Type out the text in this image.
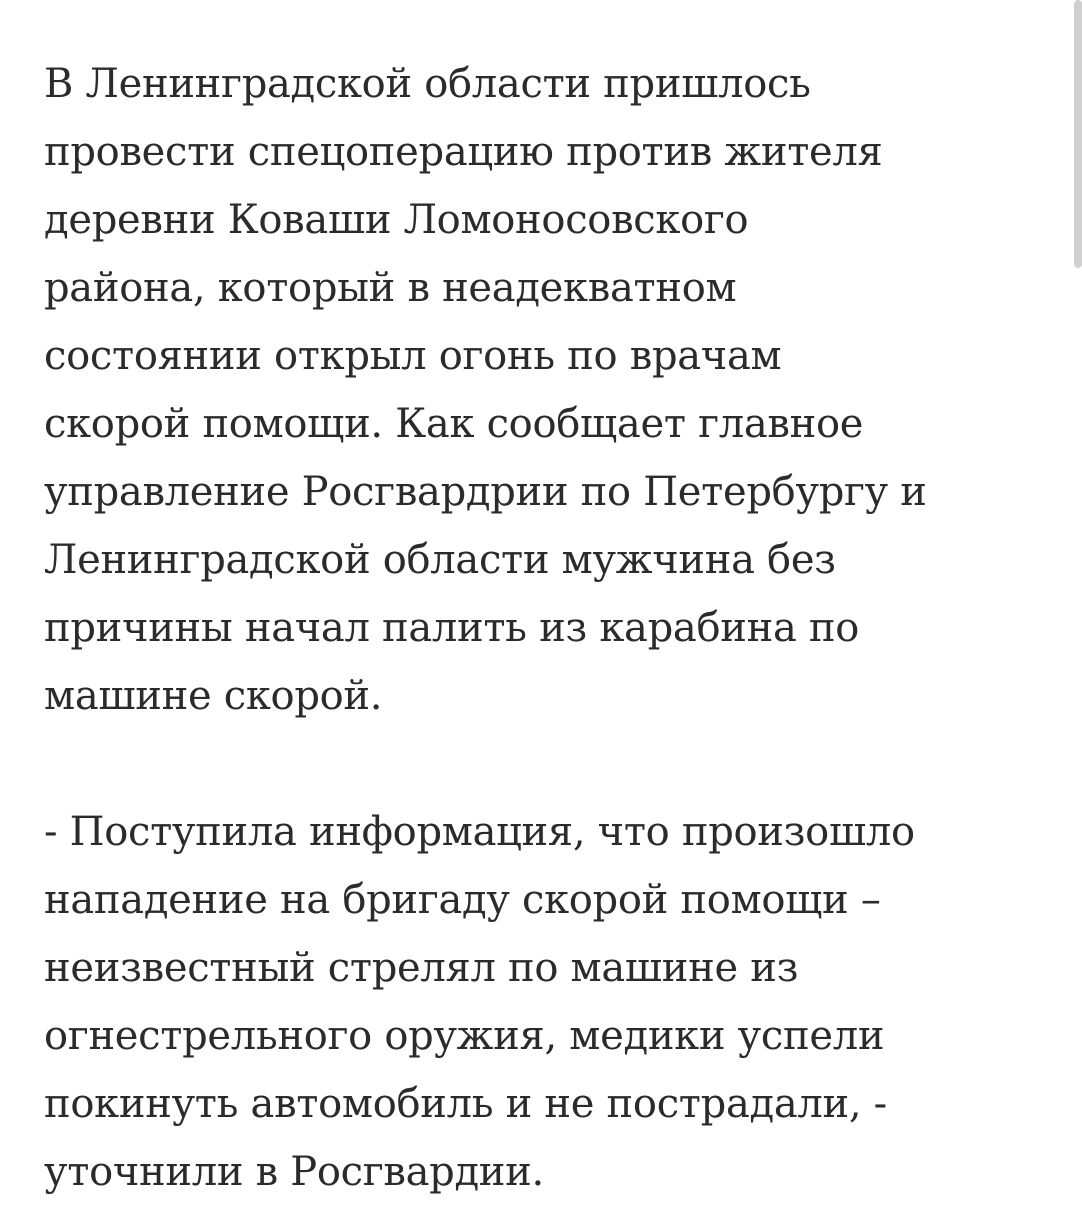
В Ленинградской области пришлось
провести спецоперацию против жителя
деревни Коваши Ломоносовского
района, который в неадекватном
состоянии открыл огонь по врачам
скорой помощи. Как сообщает главное
управление Росгвардрии по Петербургу и
Ленинградской области мужчина без
причины начал палить из карабина по
машине скорой.

- Поступила информация, что произошло
нападение на бригаду скорой помощи –
неизвестный стрелял по машине из
огнестрельного оружия, медики успели
покинуть автомобиль и не пострадали, -
уточнили в Росгвардии.
